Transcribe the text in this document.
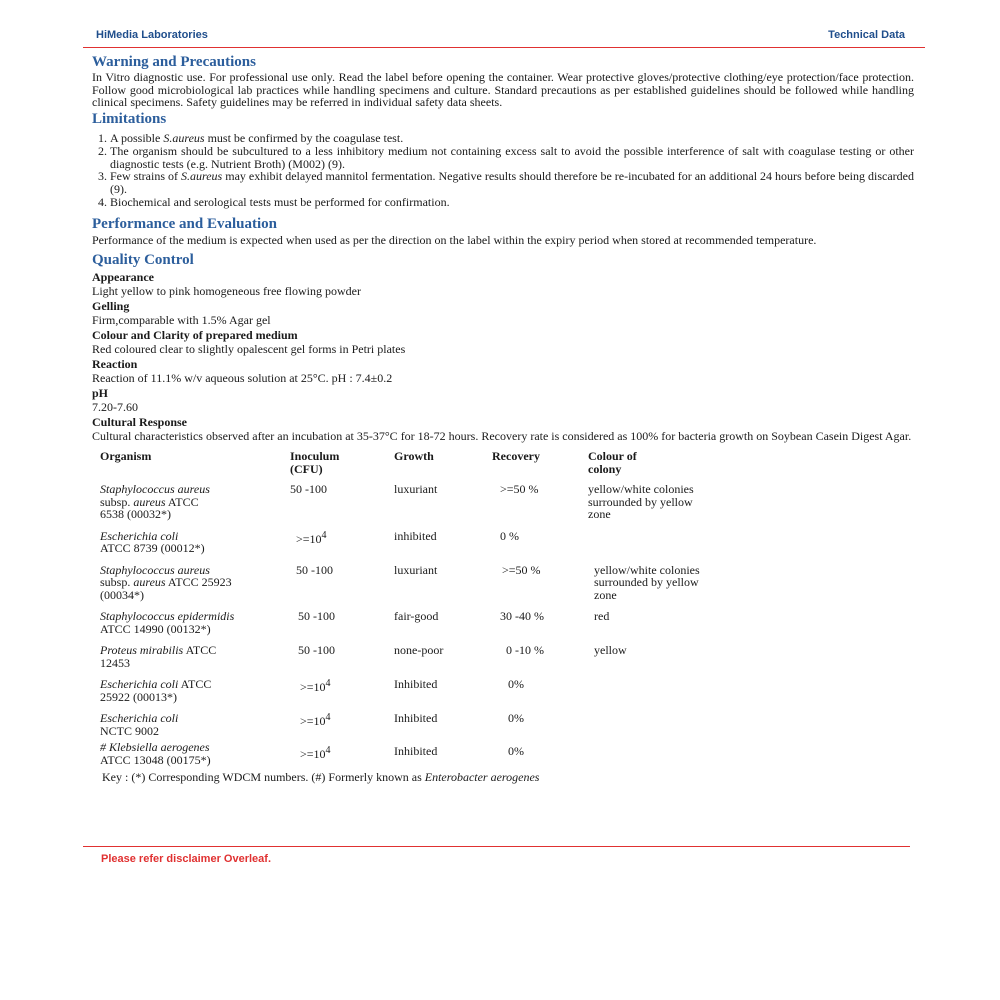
HiMedia Laboratories	Technical Data
Warning and Precautions

In Vitro diagnostic use. For professional use only. Read the label before opening the container. Wear protective gloves/protective clothing/eye protection/face protection. Follow good microbiological lab practices while handling specimens and culture. Standard precautions as per established guidelines should be followed while handling clinical specimens. Safety guidelines may be referred in individual safety data sheets.

Limitations
1. A possible S.aureus must be confirmed by the coagulase test.
2. The organism should be subcultured to a less inhibitory medium not containing excess salt to avoid the possible interference of salt with coagulase testing or other diagnostic tests (e.g. Nutrient Broth) (M002) (9).
3. Few strains of S.aureus may exhibit delayed mannitol fermentation. Negative results should therefore be re-incubated for an additional 24 hours before being discarded (9).
4. Biochemical and serological tests must be performed for confirmation.
Performance and Evaluation

Performance of the medium is expected when used as per the direction on the label within the expiry period when stored at recommended temperature.

Quality Control
Appearance
Light yellow to pink homogeneous free flowing powder
Gelling
Firm,comparable with 1.5% Agar gel
Colour and Clarity of prepared medium
Red coloured clear to slightly opalescent gel forms in Petri plates
Reaction
Reaction of 11.1% w/v aqueous solution at 25°C. pH : 7.4±0.2
pH
7.20-7.60
Cultural Response

Cultural characteristics observed after an incubation at 35-37°C for 18-72 hours. Recovery rate is considered as 100% for bacteria growth on Soybean Casein Digest Agar.

Organism	Inoculum
(CFU)	Growth	Recovery	Colour of
colony
Staphylococcus aureus
subsp. aureus ATCC
6538 (00032*)	50 -100	luxuriant	>=50 %	yellow/white colonies surrounded by yellow zone
Escherichia coli
ATCC 8739 (00012*)	$>=10^4$	inhibited	0 %	
Staphylococcus aureus
subsp. aureus ATCC 25923
(00034*)	50 -100	luxuriant	>=50 %	yellow/white colonies surrounded by yellow zone
Staphylococcus epidermidis
ATCC 14990 (00132*)	50 -100	fair-good	30 -40 %	red
Proteus mirabilis ATCC
12453	50 -100	none-poor	0 -10 %	yellow
Escherichia coli ATCC
25922 (00013*)	$>=10^4$	Inhibited	0%	
Escherichia coli
NCTC 9002	$>=10^4$	Inhibited	0%	
# Klebsiella aerogenes
ATCC 13048 (00175*)	$>=10^4$	Inhibited	0%	
Key : (*) Corresponding WDCM numbers. (#) Formerly known as Enterobacter aerogenes
Please refer disclaimer Overleaf.
